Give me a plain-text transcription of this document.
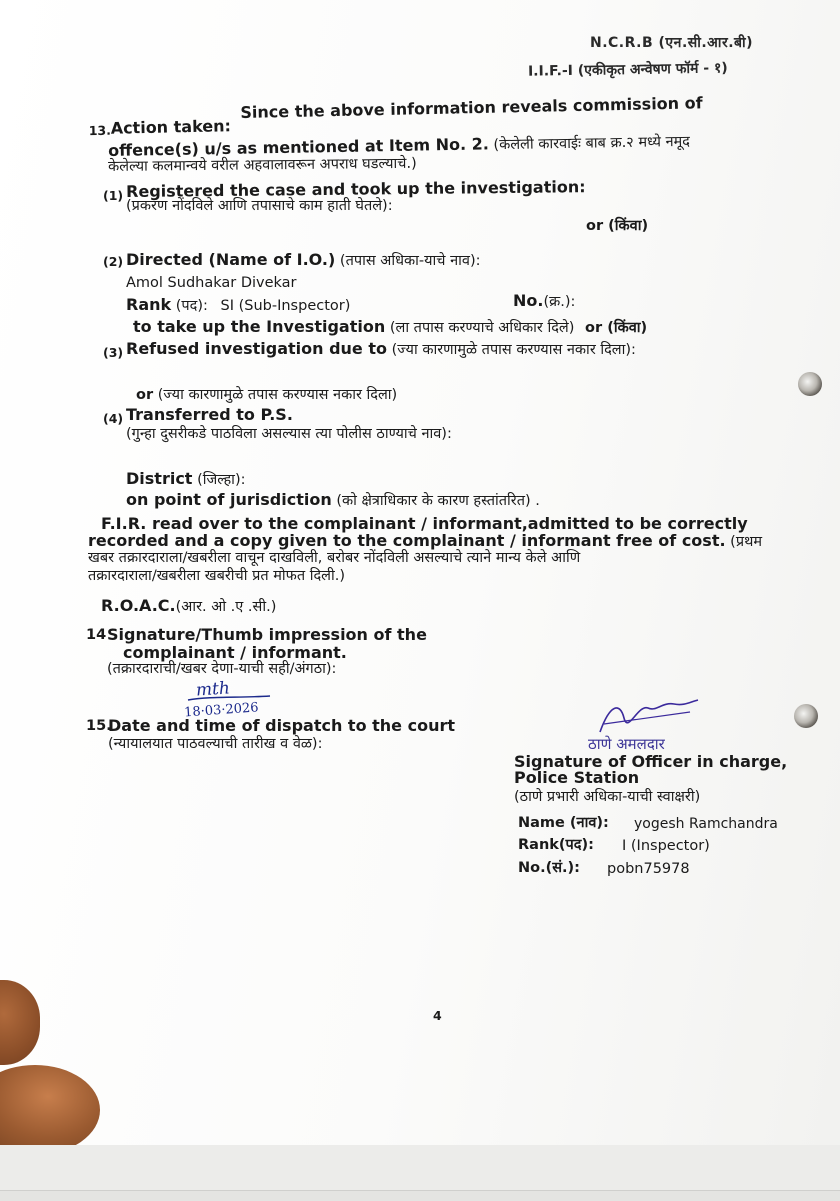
N.C.R.B (एन.सी.आर.बी)
I.I.F.-I (एकीकृत अन्वेषण फॉर्म - १)
13. Action taken:
Since the above information reveals commission of
offence(s) u/s as mentioned at Item No. 2. (केलेली कारवाईः बाब क्र.२ मध्ये नमूद
केलेल्या कलमान्वये वरील अहवालावरून अपराध घडल्याचे.)
(1) Registered the case and took up the investigation:
(प्रकरण नोंदविले आणि तपासाचे काम हाती घेतले):
or (किंवा)
(2) Directed (Name of I.O.) (तपास अधिका-याचे नाव):
Amol Sudhakar Divekar
Rank (पद): SI (Sub-Inspector)	No.(क्र.):
to take up the Investigation (ला तपास करण्याचे अधिकार दिले) or (किंवा)
(3) Refused investigation due to (ज्या कारणामुळे तपास करण्यास नकार दिला):
or (ज्या कारणामुळे तपास करण्यास नकार दिला)
(4) Transferred to P.S.
(गुन्हा दुसरीकडे पाठविला असल्यास त्या पोलीस ठाण्याचे नाव):
District (जिल्हा):
on point of jurisdiction (को क्षेत्राधिकार के कारण हस्तांतरित) .
F.I.R. read over to the complainant / informant,admitted to be correctly
recorded and a copy given to the complainant / informant free of cost. (प्रथम
खबर तक्रारदाराला/खबरीला वाचून दाखविली, बरोबर नोंदविली असल्याचे त्याने मान्य केले आणि
तक्रारदाराला/खबरीला खबरीची प्रत मोफत दिली.)
R.O.A.C.(आर. ओ .ए .सी.)
14 Signature/Thumb impression of the
complainant / informant.
(तक्रारदाराची/खबर देणा-याची सही/अंगठा):
mth
18·03·2026
15.
Date and time of dispatch to the court
(न्यायालयात पाठवल्याची तारीख व वेळ):	ठाणे अमलदार
Signature of Officer in charge,
Police Station
(ठाणे प्रभारी अधिका-याची स्वाक्षरी)
Name (नाव): yogesh Ramchandra
Rank(पद): I (Inspector)
No.(सं.): pobn75978
4
